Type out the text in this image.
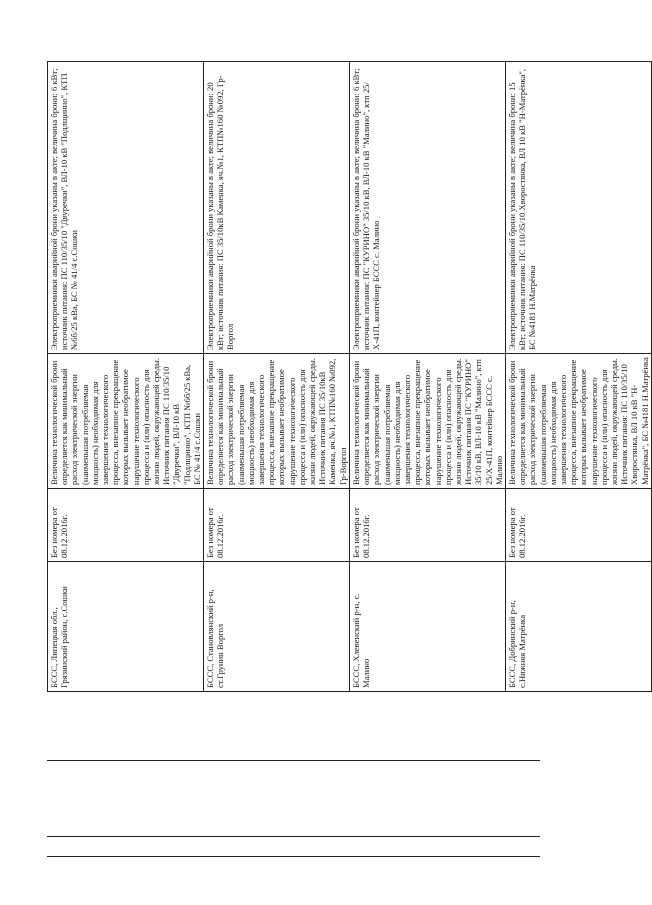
БССС, Липецкая обл., Грязинский район, с.Сошки	Без номера от 08.12.2016г.	Величина технологической брони определяется как минимальный расход электрической энергии (наименьшая потребляемая мощность) необходимая для завершения технологического процесса, внезапное прекращение которых вызывает необратимое нарушение технологического процесса и (или) опасность для жизни людей, окружающей среды. Источник питания ПС 110/35/10 "Двуречки", ВЛ-10 кВ "Подлщинно", КТП №6б/25 кВа, БС № 41/4 с.Сошки	Электроприемники аварийной брони указаны в акте; величина брони: 6 кВт; источник питания: ПС 110/35/10 "Двуречки", ВЛ-10 кВ "Подлщинно", КТП №6б/25 кВа, БС № 41/4 с.Сошки
БССС, Становлянский р-н, ст.Грунин Воргол	Без номера от 08.12.2016г.	Величина технологической брони определяется как минимальный расход электрической энергии (наименьшая потребляемая мощность) необходимая для завершения технологического процесса, внезапное прекращение которых вызывает необратимое нарушение технологического процесса и (или) опасность для жизни людей, окружающей среды. Источник питания ПС 35/10кВ Каменка, яч.№1, КТП№160 №092, Гр-Воргол	Электроприемники аварийной брони указаны в акте; величина брони: 20 кВт; источник питания: ПС 35/10кВ Каменка, яч.№1, КТП№160 №092, Гр-Воргол
БССС, Хлевенский р-н, с. Малино	Без номера от 08.12.2016г.	Величина технологической брони определяется как минимальный расход электрической энергии (наименьшая потребляемая мощность) необходимая для завершения технологического процесса, внезапное прекращение которых вызывает необратимое нарушение технологического процесса и (или) опасность для жизни людей, окружающей среды. Источник питания ПС "КУРИНО" 35/10 кВ, ВЛ-10 кВ "Малино", ктп 25/Х-41П, контейнер БССС с. Малино	Электроприемники аварийной брони указаны в акте; величина брони: 6 кВт; источник питания: ПС "КУРИНО" 35/10 кВ, ВЛ-10 кВ "Малино", ктп 25/Х-41П, контейнер БССС с. Малино
БССС, Добринский р-н, с.Нижняя Матрёнка	Без номера от 08.12.2016г.	Величина технологической брони определяется как минимальный расход электрической энергии (наименьшая потребляемая мощность) необходимая для завершения технологического процесса, внезапное прекращение которых вызывает необратимое нарушение технологического процесса и (или) опасность для жизни людей, окружающей среды. Источник питания: ПС 110/35/10 Хворостянка, ВЛ 10 кВ "Н-Матрёнка", БС №4181 Н.Матрёнка	Электроприемники аварийной брони указаны в акте; величина брони: 15 кВт; источник питания: ПС 110/35/10 Хворостянка, ВЛ 10 кВ "Н-Матрёнка", БС №4181 Н.Матрёнка
